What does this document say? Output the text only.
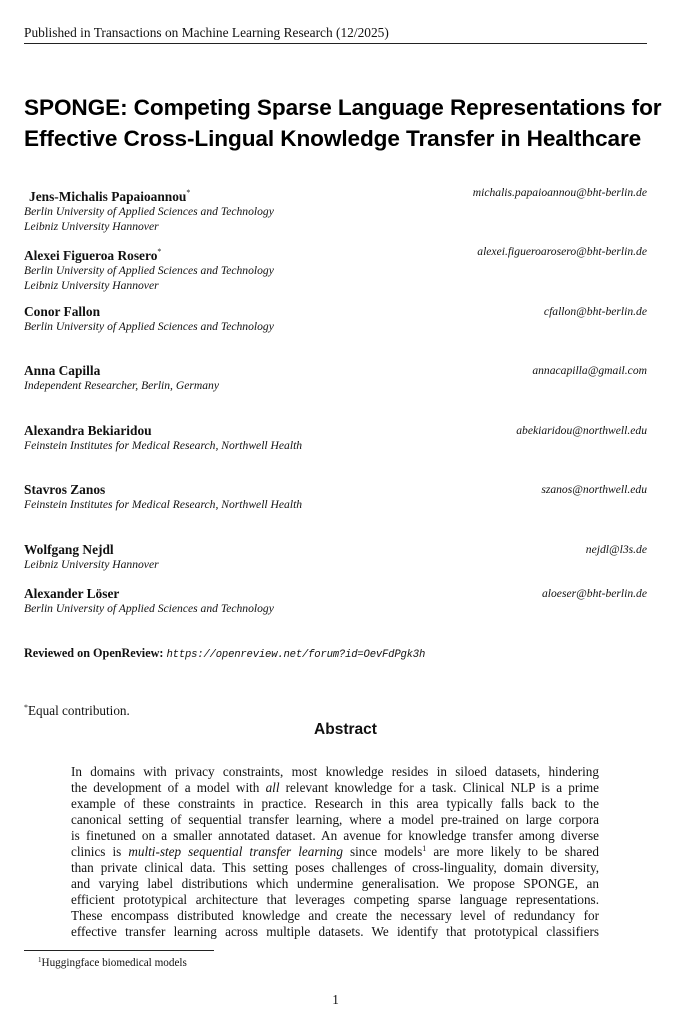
Published in Transactions on Machine Learning Research (12/2025)
SPONGE: Competing Sparse Language Representations for
Effective Cross-Lingual Knowledge Transfer in Healthcare
Jens-Michalis Papaioannou*
Berlin University of Applied Sciences and Technology
Leibniz University Hannover
michalis.papaioannou@bht-berlin.de
Alexei Figueroa Rosero*
Berlin University of Applied Sciences and Technology
Leibniz University Hannover
alexei.figueroarosero@bht-berlin.de
Conor Fallon
Berlin University of Applied Sciences and Technology
cfallon@bht-berlin.de
Anna Capilla
Independent Researcher, Berlin, Germany
annacapilla@gmail.com
Alexandra Bekiaridou
Feinstein Institutes for Medical Research, Northwell Health
abekiaridou@northwell.edu
Stavros Zanos
Feinstein Institutes for Medical Research, Northwell Health
szanos@northwell.edu
Wolfgang Nejdl
Leibniz University Hannover
nejdl@l3s.de
Alexander Löser
Berlin University of Applied Sciences and Technology
aloeser@bht-berlin.de
Reviewed on OpenReview: https://openreview.net/forum?id=OevFdPgk3h
*Equal contribution.
Abstract
In domains with privacy constraints, most knowledge resides in siloed datasets, hindering
the development of a model with all relevant knowledge for a task. Clinical NLP is a prime
example of these constraints in practice. Research in this area typically falls back to the
canonical setting of sequential transfer learning, where a model pre-trained on large corpora
is finetuned on a smaller annotated dataset. An avenue for knowledge transfer among diverse
clinics is multi-step sequential transfer learning since models$^1$ are more likely to be shared
than private clinical data. This setting poses challenges of cross-linguality, domain diversity,
and varying label distributions which undermine generalisation. We propose SPONGE, an
efficient prototypical architecture that leverages competing sparse language representations.
These encompass distributed knowledge and create the necessary level of redundancy for
effective transfer learning across multiple datasets. We identify that prototypical classifiers
$^1$Huggingface biomedical models
1
